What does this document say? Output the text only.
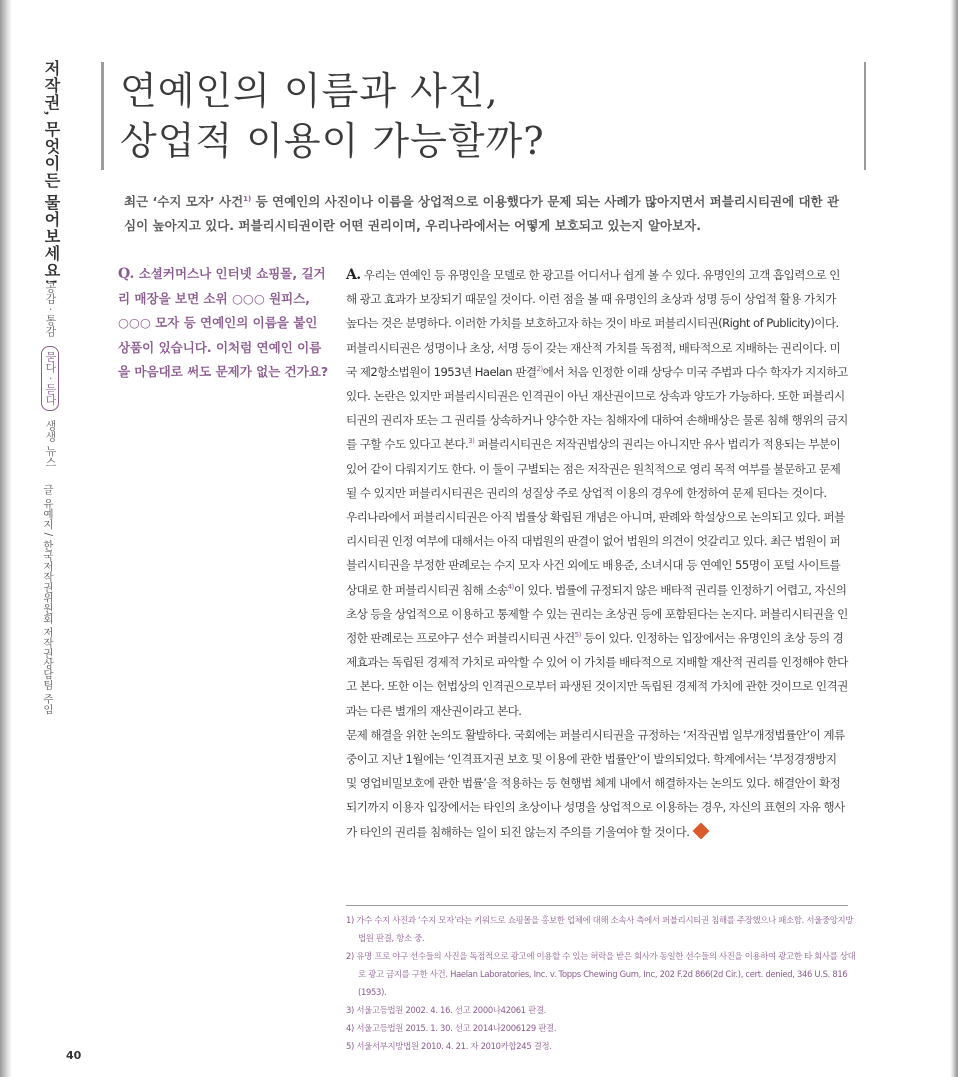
저작권, 무엇이든 물어보세요!
공감 · 통감 묻다 · 듣다 생생 뉴스
글 유예지 / 한국저작권위원회 저작권상담팀 주임
연예인의 이름과 사진,
상업적 이용이 가능할까?

최근 ‘수지 모자’ 사건$^{1)}$ 등 연예인의 사진이나 이름을 상업적으로 이용했다가 문제 되는 사례가 많아지면서 퍼블리시티권에 대한 관심이 높아지고 있다. 퍼블리시티권이란 어떤 권리이며, 우리나라에서는 어떻게 보호되고 있는지 알아보자.

Q. 소셜커머스나 인터넷 쇼핑몰, 길거리 매장을 보면 소위 ○○○ 원피스, ○○○ 모자 등 연예인의 이름을 붙인 상품이 있습니다. 이처럼 연예인 이름을 마음대로 써도 문제가 없는 건가요?

A. 우리는 연예인 등 유명인을 모델로 한 광고를 어디서나 쉽게 볼 수 있다. 유명인의 고객 흡입력으로 인해 광고 효과가 보장되기 때문일 것이다. 이런 점을 볼 때 유명인의 초상과 성명 등이 상업적 활용 가치가 높다는 것은 분명하다. 이러한 가치를 보호하고자 하는 것이 바로 퍼블리시티권(Right of Publicity)이다.

퍼블리시티권은 성명이나 초상, 서명 등이 갖는 재산적 가치를 독점적, 배타적으로 지배하는 권리이다. 미국 제2항소법원이 1953년 Haelan 판결$^{2)}$에서 처음 인정한 이래 상당수 미국 주법과 다수 학자가 지지하고 있다. 논란은 있지만 퍼블리시티권은 인격권이 아닌 재산권이므로 상속과 양도가 가능하다. 또한 퍼블리시티권의 권리자 또는 그 권리를 상속하거나 양수한 자는 침해자에 대하여 손해배상은 물론 침해 행위의 금지를 구할 수도 있다고 본다.$^{3)}$ 퍼블리시티권은 저작권법상의 권리는 아니지만 유사 법리가 적용되는 부분이 있어 같이 다뤄지기도 한다. 이 둘이 구별되는 점은 저작권은 원칙적으로 영리 목적 여부를 불문하고 문제 될 수 있지만 퍼블리시티권은 권리의 성질상 주로 상업적 이용의 경우에 한정하여 문제 된다는 것이다.

우리나라에서 퍼블리시티권은 아직 법률상 확립된 개념은 아니며, 판례와 학설상으로 논의되고 있다. 퍼블리시티권 인정 여부에 대해서는 아직 대법원의 판결이 없어 법원의 의견이 엇갈리고 있다. 최근 법원이 퍼블리시티권을 부정한 판례로는 수지 모자 사건 외에도 배용준, 소녀시대 등 연예인 55명이 포털 사이트를 상대로 한 퍼블리시티권 침해 소송$^{4)}$이 있다. 법률에 규정되지 않은 배타적 권리를 인정하기 어렵고, 자신의 초상 등을 상업적으로 이용하고 통제할 수 있는 권리는 초상권 등에 포함된다는 논지다. 퍼블리시티권을 인정한 판례로는 프로야구 선수 퍼블리시티권 사건$^{5)}$ 등이 있다. 인정하는 입장에서는 유명인의 초상 등의 경제효과는 독립된 경제적 가치로 파악할 수 있어 이 가치를 배타적으로 지배할 재산적 권리를 인정해야 한다고 본다. 또한 이는 헌법상의 인격권으로부터 파생된 것이지만 독립된 경제적 가치에 관한 것이므로 인격권과는 다른 별개의 재산권이라고 본다.

문제 해결을 위한 논의도 활발하다. 국회에는 퍼블리시티권을 규정하는 ‘저작권법 일부개정법률안’이 계류 중이고 지난 1월에는 ‘인격표지권 보호 및 이용에 관한 법률안’이 발의되었다. 학계에서는 ‘부정경쟁방지 및 영업비밀보호에 관한 법률’을 적용하는 등 현행법 체계 내에서 해결하자는 논의도 있다. 해결안이 확정되기까지 이용자 입장에서는 타인의 초상이나 성명을 상업적으로 이용하는 경우, 자신의 표현의 자유 행사가 타인의 권리를 침해하는 일이 되진 않는지 주의를 기울여야 할 것이다.

1) 가수 수지 사진과 ‘수지 모자’라는 키워드로 쇼핑몰을 홍보한 업체에 대해 소속사 측에서 퍼블리시티권 침해를 주장했으나 패소함. 서울중앙지방법원 판결, 항소 중.
2) 유명 프로 야구 선수들의 사진을 독점적으로 광고에 이용할 수 있는 허락을 받은 회사가 동일한 선수들의 사진을 이용하여 광고한 타 회사를 상대로 광고 금지를 구한 사건. Haelan Laboratories, Inc. v. Topps Chewing Gum, Inc, 202 F.2d 866(2d Cir.), cert. denied, 346 U.S. 816 (1953).
3) 서울고등법원 2002. 4. 16. 선고 2000나42061 판결.
4) 서울고등법원 2015. 1. 30. 선고 2014나2006129 판결.
5) 서울서부지방법원 2010. 4. 21. 자 2010카합245 결정.
40
